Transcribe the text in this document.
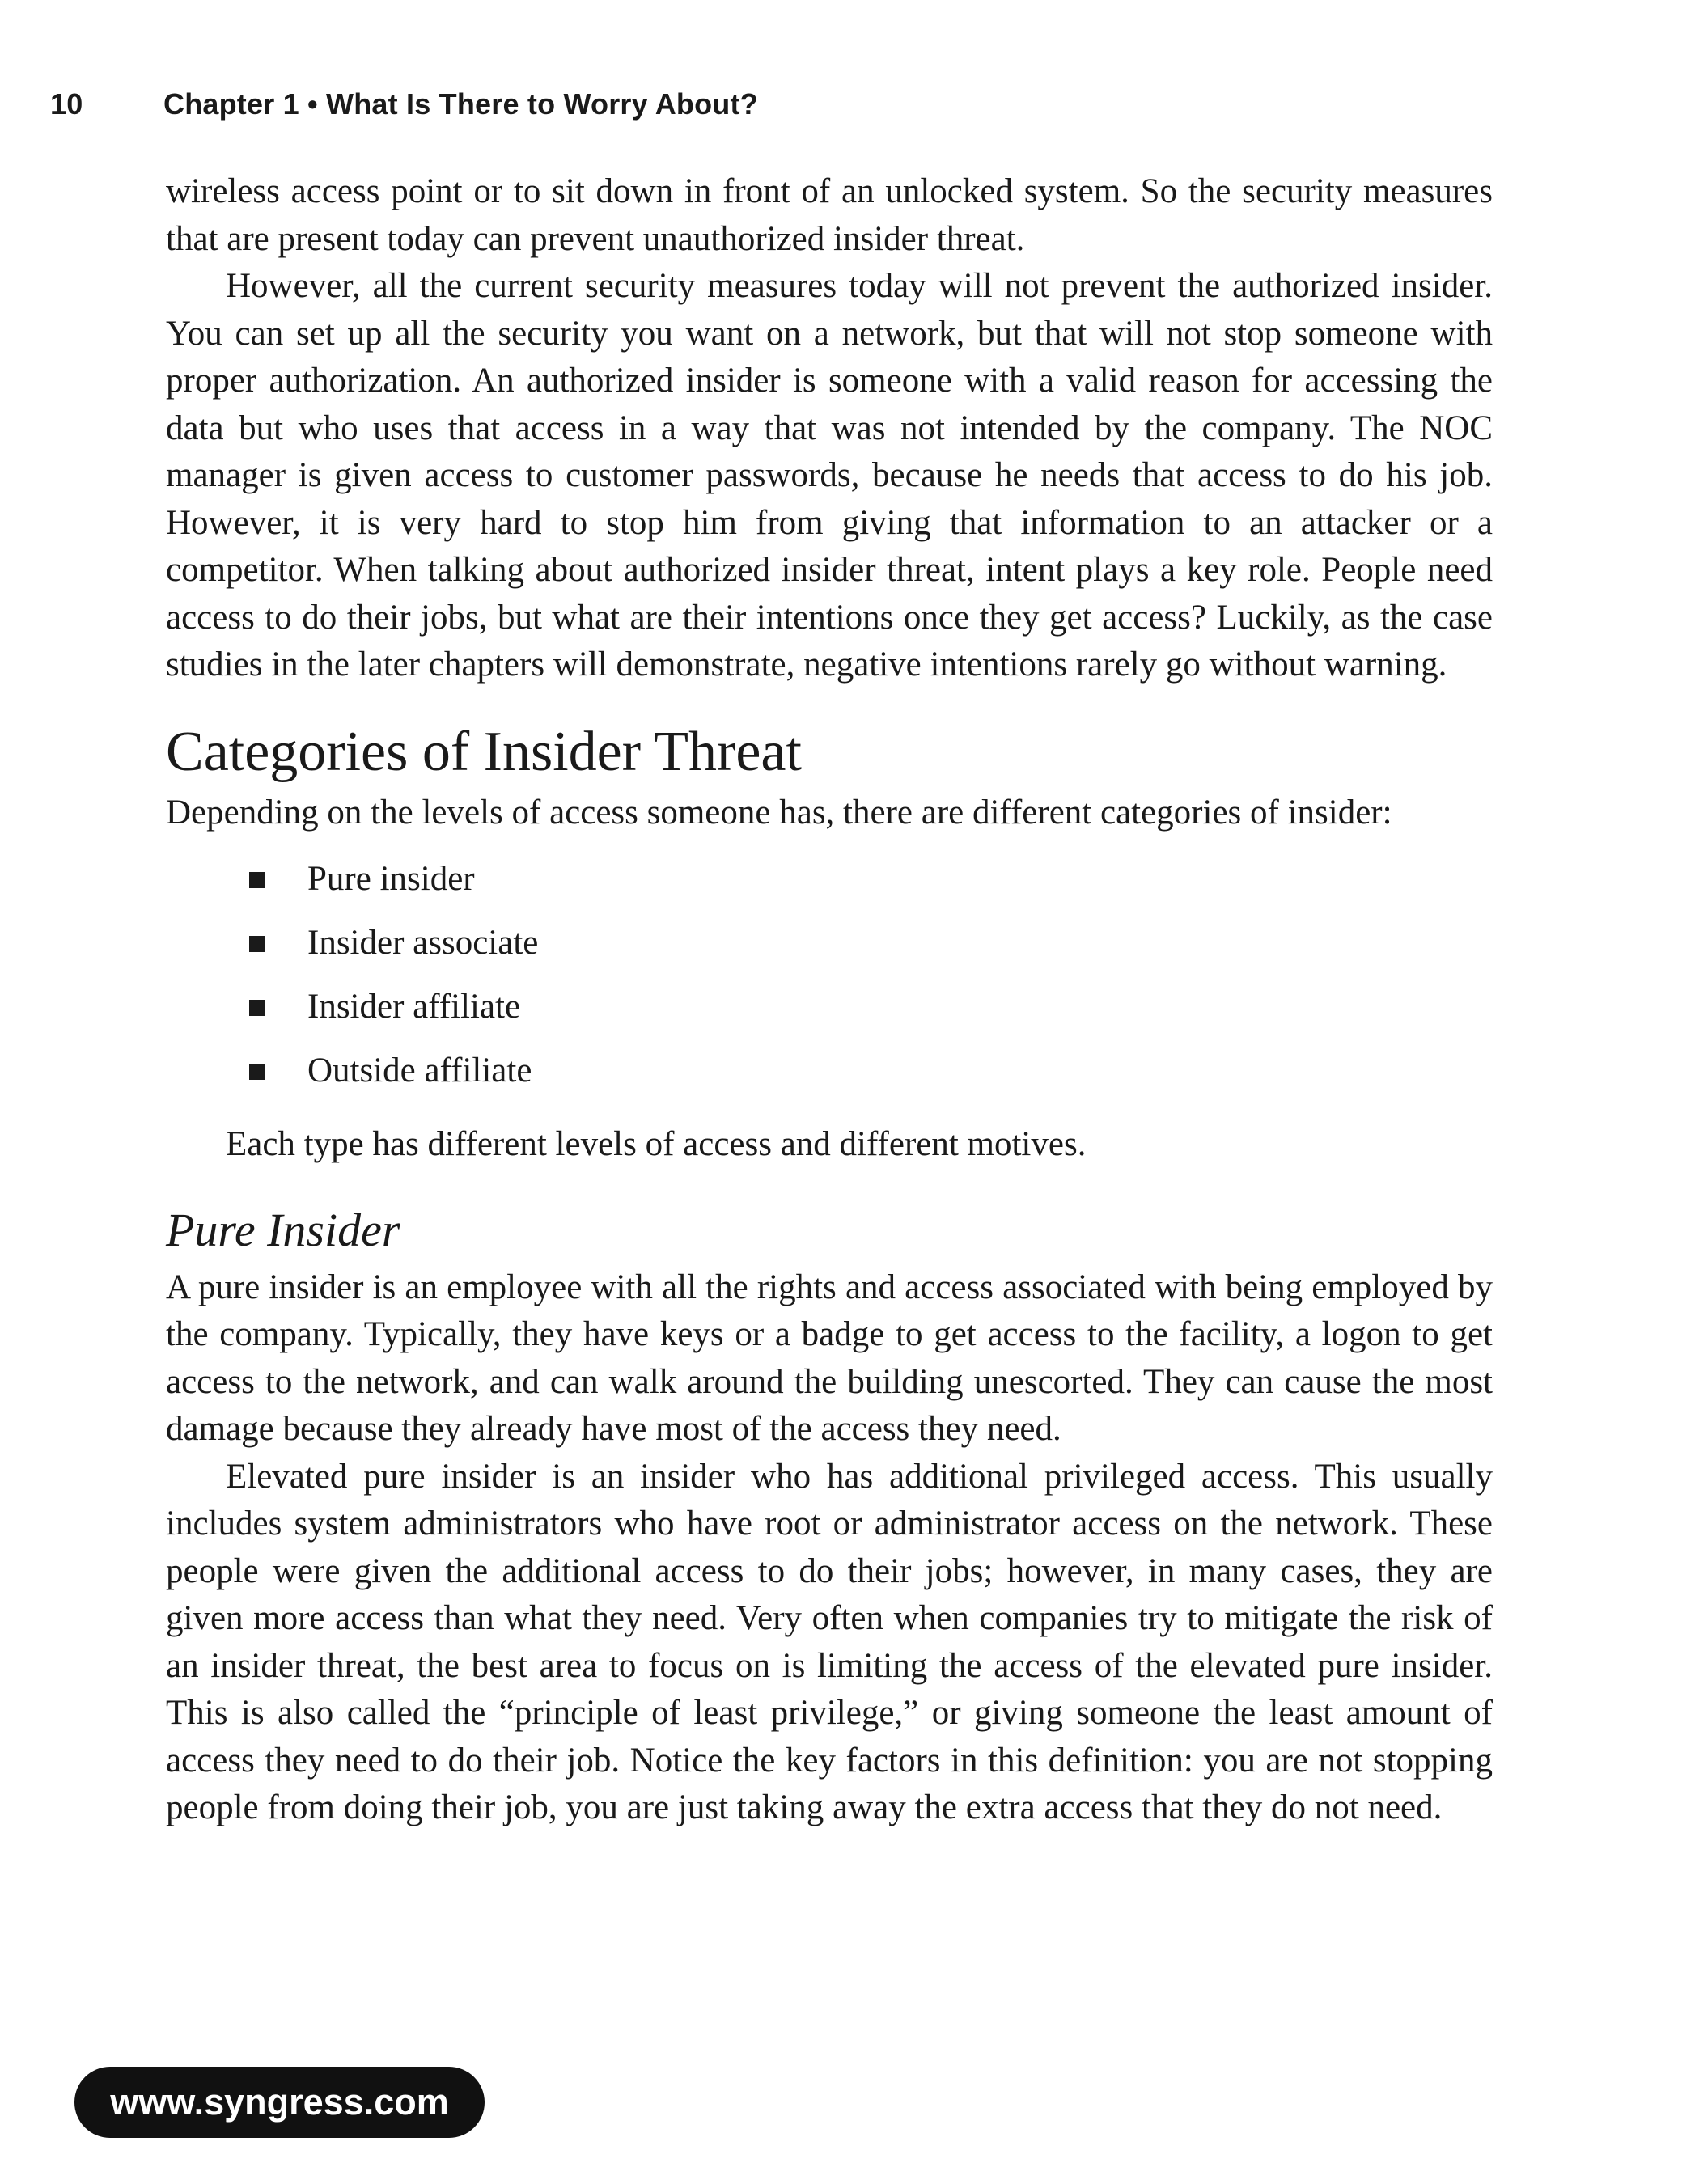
10	Chapter 1 • What Is There to Worry About?

wireless access point or to sit down in front of an unlocked system. So the security measures that are present today can prevent unauthorized insider threat.

However, all the current security measures today will not prevent the authorized insider. You can set up all the security you want on a network, but that will not stop someone with proper authorization. An authorized insider is someone with a valid reason for accessing the data but who uses that access in a way that was not intended by the company. The NOC manager is given access to customer passwords, because he needs that access to do his job. However, it is very hard to stop him from giving that information to an attacker or a competitor. When talking about authorized insider threat, intent plays a key role. People need access to do their jobs, but what are their intentions once they get access? Luckily, as the case studies in the later chapters will demonstrate, negative intentions rarely go without warning.

Categories of Insider Threat

Depending on the levels of access someone has, there are different categories of insider:

Pure insider
Insider associate
Insider affiliate
Outside affiliate

Each type has different levels of access and different motives.

Pure Insider

A pure insider is an employee with all the rights and access associated with being employed by the company. Typically, they have keys or a badge to get access to the facility, a logon to get access to the network, and can walk around the building unescorted. They can cause the most damage because they already have most of the access they need.

Elevated pure insider is an insider who has additional privileged access. This usually includes system administrators who have root or administrator access on the network. These people were given the additional access to do their jobs; however, in many cases, they are given more access than what they need. Very often when companies try to mitigate the risk of an insider threat, the best area to focus on is limiting the access of the elevated pure insider. This is also called the “principle of least privilege,” or giving someone the least amount of access they need to do their job. Notice the key factors in this definition: you are not stopping people from doing their job, you are just taking away the extra access that they do not need.

www.syngress.com
